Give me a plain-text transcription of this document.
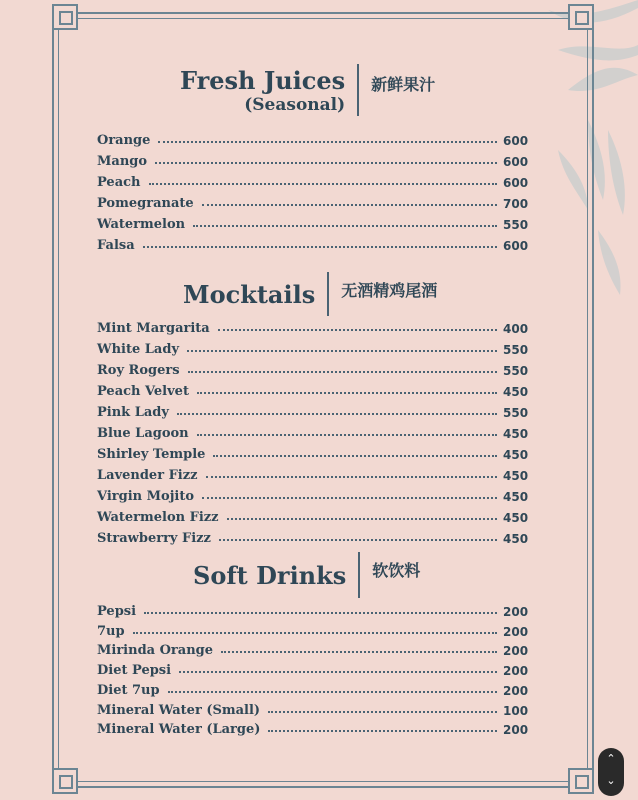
Fresh Juices
(Seasonal)
新鲜果汁
Orange	600
Mango	600
Peach	600
Pomegranate	700
Watermelon	550
Falsa	600
Mocktails 无酒精鸡尾酒
Mint Margarita	400
White Lady	550
Roy Rogers	550
Peach Velvet	450
Pink Lady	550
Blue Lagoon	450
Shirley Temple	450
Lavender Fizz	450
Virgin Mojito	450
Watermelon Fizz	450
Strawberry Fizz	450
Soft Drinks 软饮料
Pepsi	200
7up	200
Mirinda Orange	200
Diet Pepsi	200
Diet 7up	200
Mineral Water (Small)	100
Mineral Water (Large)	200
⌃
⌄
